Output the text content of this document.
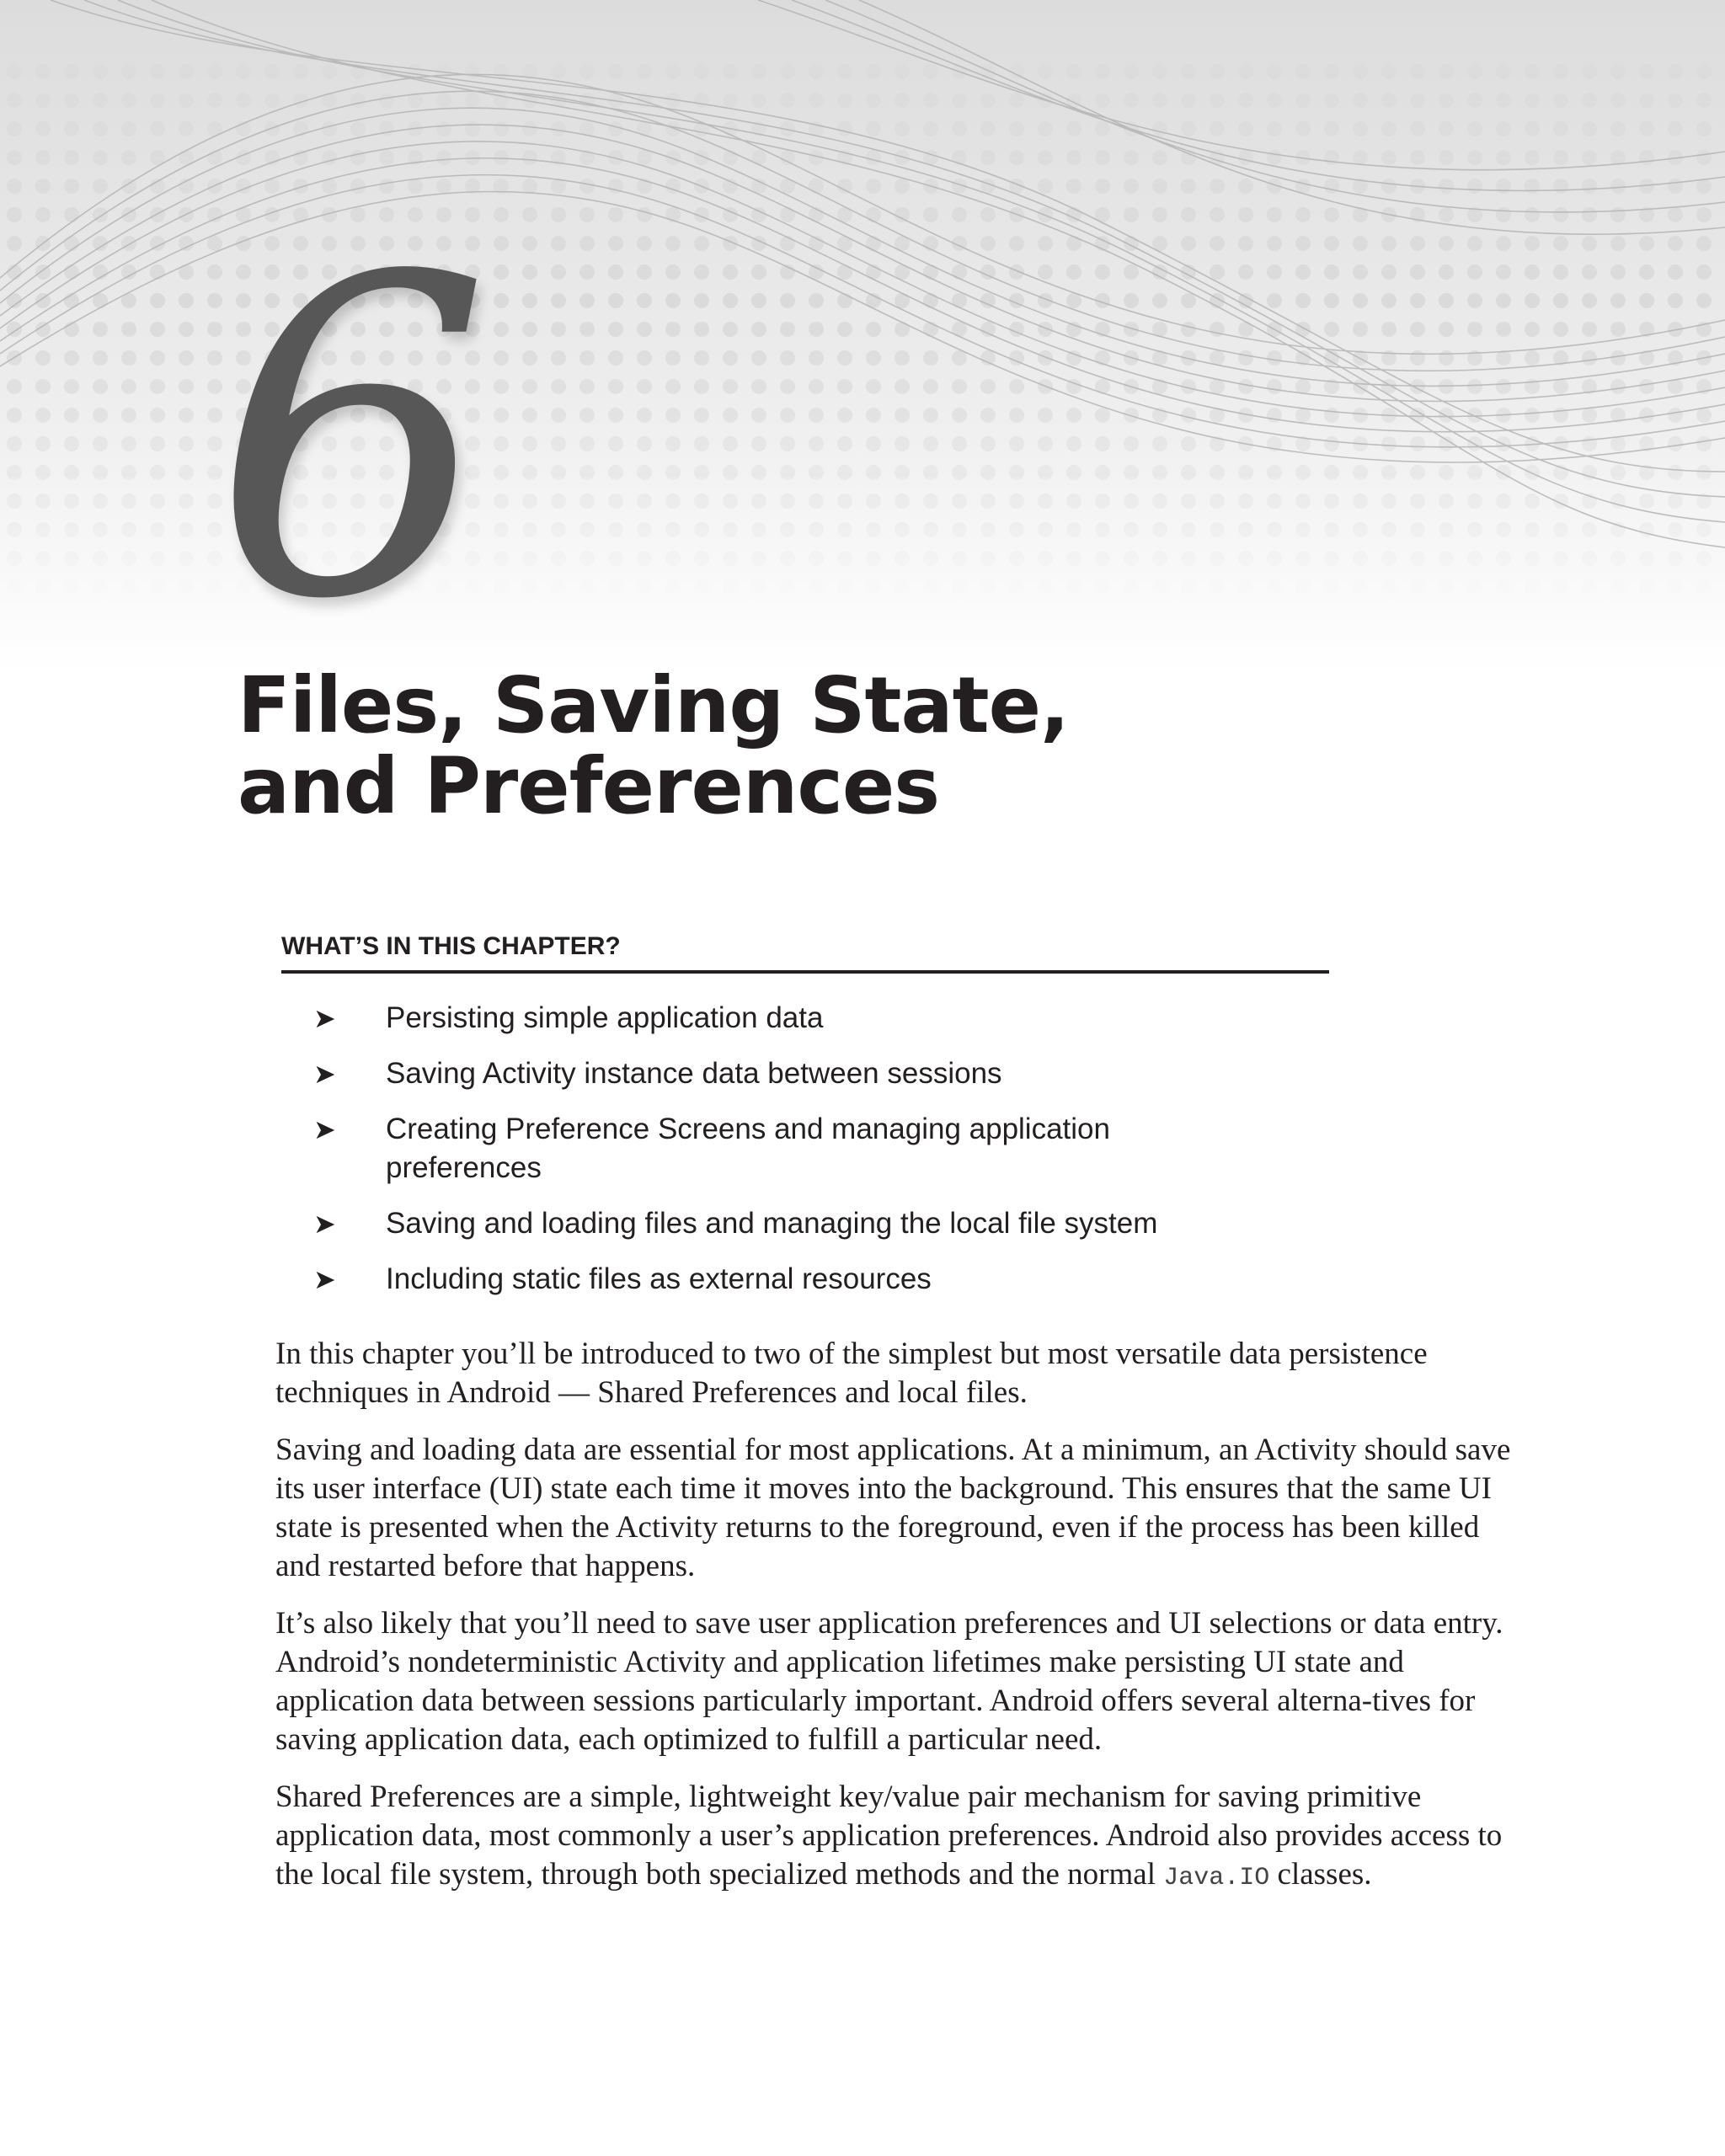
6
Files, Saving State,
and Preferences
WHAT’S IN THIS CHAPTER?
➤ Persisting simple application data
➤ Saving Activity instance data between sessions
➤ Creating Preference Screens and managing application preferences
➤ Saving and loading files and managing the local file system
➤ Including static files as external resources

In this chapter you’ll be introduced to two of the simplest but most versatile data persistence techniques in Android — Shared Preferences and local files.

Saving and loading data are essential for most applications. At a minimum, an Activity should save its user interface (UI) state each time it moves into the background. This ensures that the same UI state is presented when the Activity returns to the foreground, even if the process has been killed and restarted before that happens.

It’s also likely that you’ll need to save user application preferences and UI selections or data entry. Android’s nondeterministic Activity and application lifetimes make persisting UI state and application data between sessions particularly important. Android offers several alterna-tives for saving application data, each optimized to fulfill a particular need.

Shared Preferences are a simple, lightweight key/value pair mechanism for saving primitive application data, most commonly a user’s application preferences. Android also provides access to the local file system, through both specialized methods and the normal Java.IO classes.
